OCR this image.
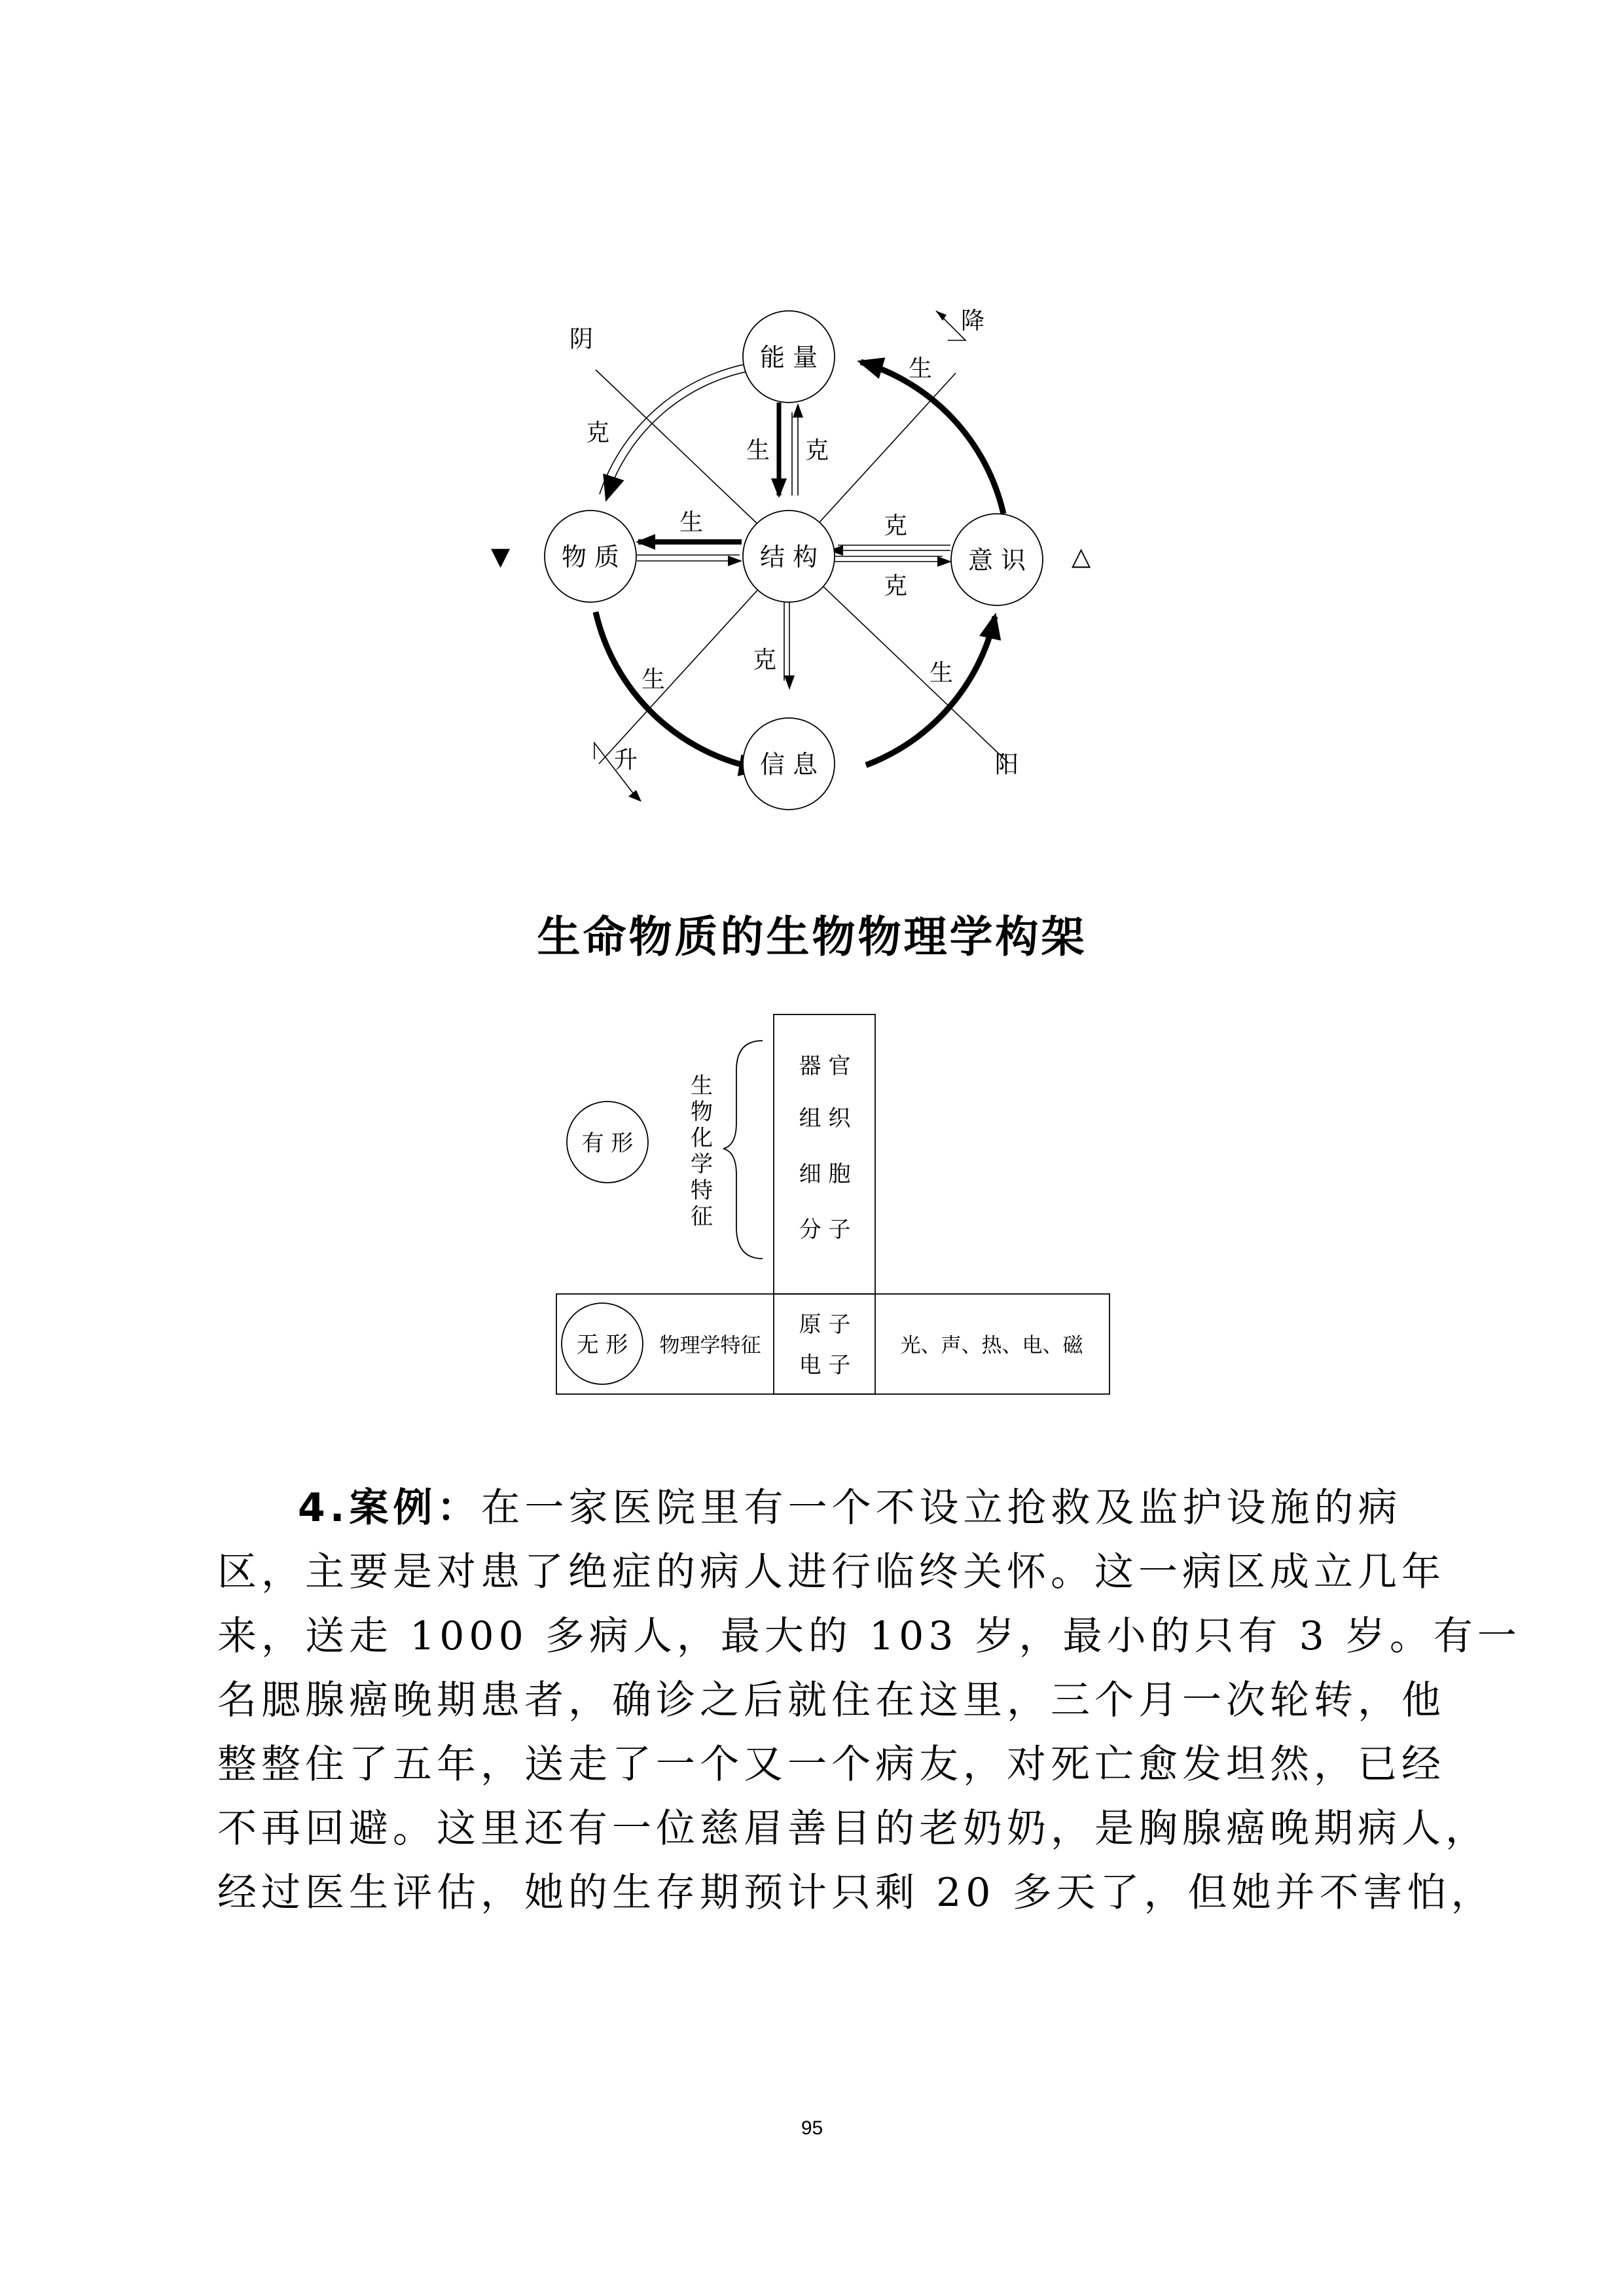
能 量
物 质	结 构	意 识
信 息
阴
阳
降
升
克
生
生 克
生	克
克
克
生	生
▼	△
生命物质的生物物理学构架
有 形
无 形
生
物
化
学
特
征
器 官
组 织
细 胞
分 子
物理学特征
原 子
电 子
光、声、热、电、磁
4.案例：在一家医院里有一个不设立抢救及监护设施的病
区，主要是对患了绝症的病人进行临终关怀。这一病区成立几年
来，送走 1000 多病人，最大的 103 岁，最小的只有 3 岁。有一
名腮腺癌晚期患者，确诊之后就住在这里，三个月一次轮转，他
整整住了五年，送走了一个又一个病友，对死亡愈发坦然，已经
不再回避。这里还有一位慈眉善目的老奶奶，是胸腺癌晚期病人，
经过医生评估，她的生存期预计只剩 20 多天了，但她并不害怕，
95
